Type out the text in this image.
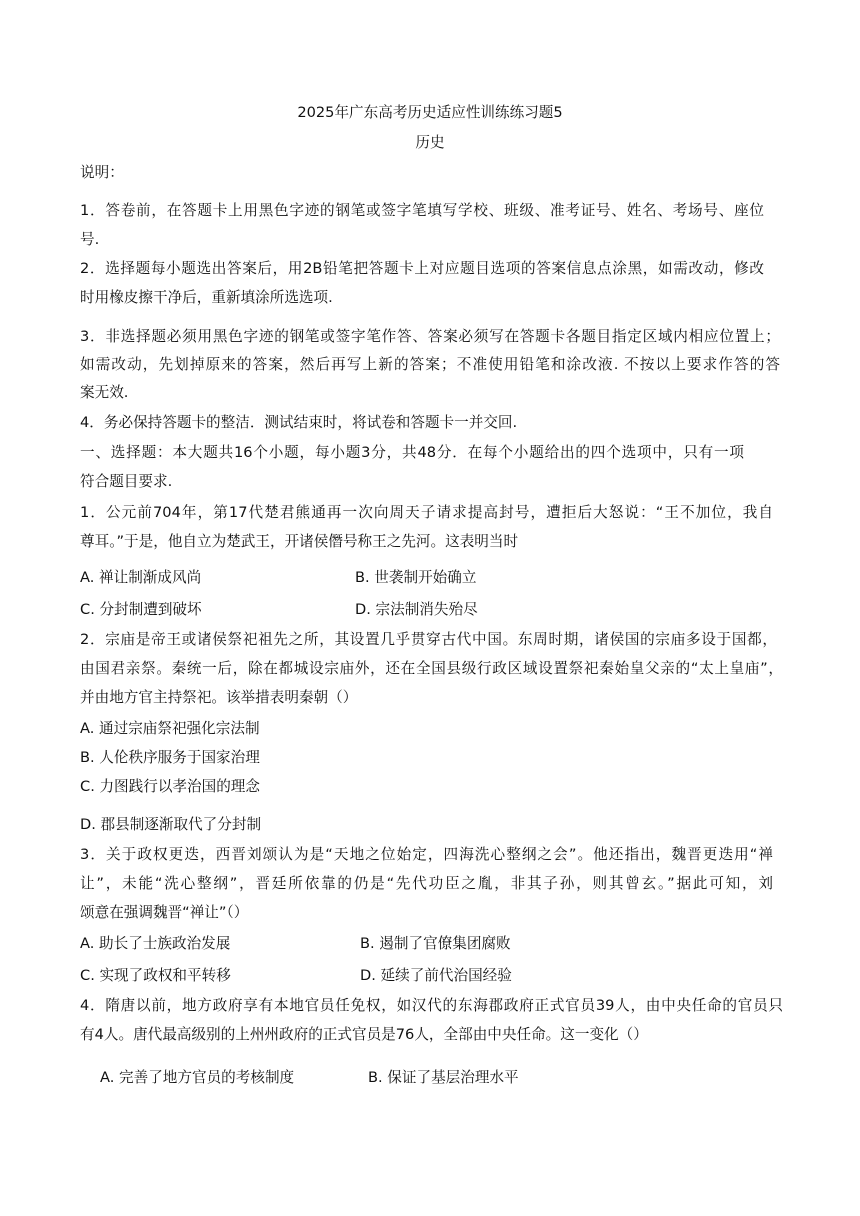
2025年广东高考历史适应性训练练习题5
历史
说明：
1．答卷前，在答题卡上用黑色字迹的钢笔或签字笔填写学校、班级、准考证号、姓名、考场号、座位
号.
2．选择题每小题选出答案后，用2B铅笔把答题卡上对应题目选项的答案信息点涂黑，如需改动，修改
时用橡皮擦干净后，重新填涂所选选项.
3．非选择题必须用黑色字迹的钢笔或签字笔作答、答案必须写在答题卡各题目指定区域内相应位置上；
如需改动，先划掉原来的答案，然后再写上新的答案；不准使用铅笔和涂改液. 不按以上要求作答的答
案无效.
4．务必保持答题卡的整洁．测试结束时，将试卷和答题卡一并交回.
一、选择题：本大题共16个小题，每小题3分，共48分．在每个小题给出的四个选项中，只有一项
符合题目要求.
1．公元前704年，第17代楚君熊通再一次向周天子请求提高封号，遭拒后大怒说：“王不加位，我自
尊耳。”于是，他自立为楚武王，开诸侯僭号称王之先河。这表明当时
A. 禅让制渐成风尚	B. 世袭制开始确立
C. 分封制遭到破坏	D. 宗法制消失殆尽
2．宗庙是帝王或诸侯祭祀祖先之所，其设置几乎贯穿古代中国。东周时期，诸侯国的宗庙多设于国都，
由国君亲祭。秦统一后，除在都城设宗庙外，还在全国县级行政区域设置祭祀秦始皇父亲的“太上皇庙”，
并由地方官主持祭祀。该举措表明秦朝（）
A. 通过宗庙祭祀强化宗法制
B. 人伦秩序服务于国家治理
C. 力图践行以孝治国的理念
D. 郡县制逐渐取代了分封制
3．关于政权更迭，西晋刘颂认为是“天地之位始定，四海洗心整纲之会”。他还指出，魏晋更迭用“禅
让”，未能“洗心整纲”，晋廷所依靠的仍是“先代功臣之胤，非其子孙，则其曾玄。”据此可知，刘
颂意在强调魏晋“禅让”（）
A. 助长了士族政治发展	B. 遏制了官僚集团腐败
C. 实现了政权和平转移	D. 延续了前代治国经验
4．隋唐以前，地方政府享有本地官员任免权，如汉代的东海郡政府正式官员39人，由中央任命的官员只
有4人。唐代最高级别的上州州政府的正式官员是76人，全部由中央任命。这一变化（）
A. 完善了地方官员的考核制度	B. 保证了基层治理水平
